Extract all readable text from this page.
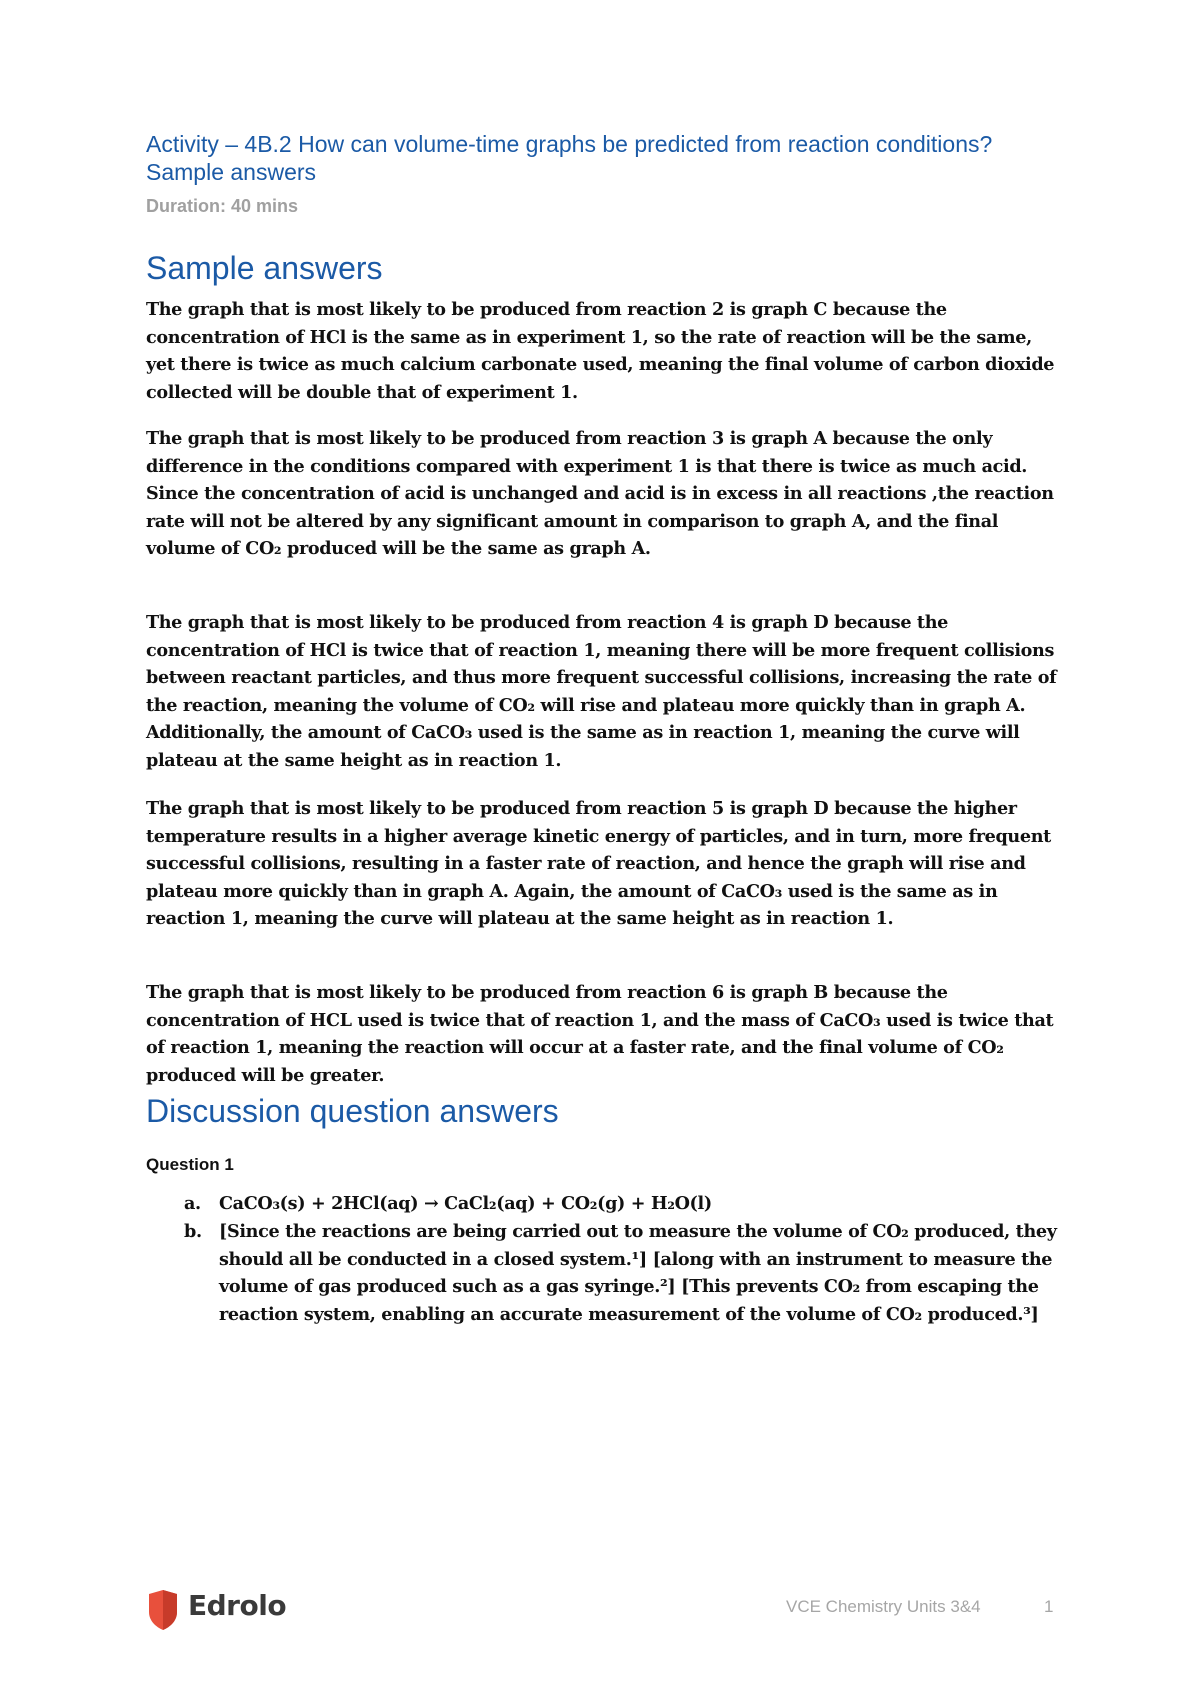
Activity – 4B.2 How can volume-time graphs be predicted from reaction conditions? Sample answers
Duration: 40 mins
Sample answers

The graph that is most likely to be produced from reaction 2 is graph C because the concentration of HCl is the same as in experiment 1, so the rate of reaction will be the same, yet there is twice as much calcium carbonate used, meaning the final volume of carbon dioxide collected will be double that of experiment 1.

The graph that is most likely to be produced from reaction 3 is graph A because the only difference in the conditions compared with experiment 1 is that there is twice as much acid. Since the concentration of acid is unchanged and acid is in excess in all reactions ,the reaction rate will not be altered by any significant amount in comparison to graph A, and the final volume of CO₂ produced will be the same as graph A.

The graph that is most likely to be produced from reaction 4 is graph D because the concentration of HCl is twice that of reaction 1, meaning there will be more frequent collisions between reactant particles, and thus more frequent successful collisions, increasing the rate of the reaction, meaning the volume of CO₂ will rise and plateau more quickly than in graph A. Additionally, the amount of CaCO₃ used is the same as in reaction 1, meaning the curve will plateau at the same height as in reaction 1.

The graph that is most likely to be produced from reaction 5 is graph D because the higher temperature results in a higher average kinetic energy of particles, and in turn, more frequent successful collisions, resulting in a faster rate of reaction, and hence the graph will rise and plateau more quickly than in graph A. Again, the amount of CaCO₃ used is the same as in reaction 1, meaning the curve will plateau at the same height as in reaction 1.

The graph that is most likely to be produced from reaction 6 is graph B because the concentration of HCL used is twice that of reaction 1, and the mass of CaCO₃ used is twice that of reaction 1, meaning the reaction will occur at a faster rate, and the final volume of CO₂ produced will be greater.

Discussion question answers
Question 1
a. CaCO₃(s) + 2HCl(aq) → CaCl₂(aq) + CO₂(g) + H₂O(l)
b. [Since the reactions are being carried out to measure the volume of CO₂ produced, they should all be conducted in a closed system.¹] [along with an instrument to measure the volume of gas produced such as a gas syringe.²] [This prevents CO₂ from escaping the reaction system, enabling an accurate measurement of the volume of CO₂ produced.³]
Edrolo	VCE Chemistry Units 3&4	1
